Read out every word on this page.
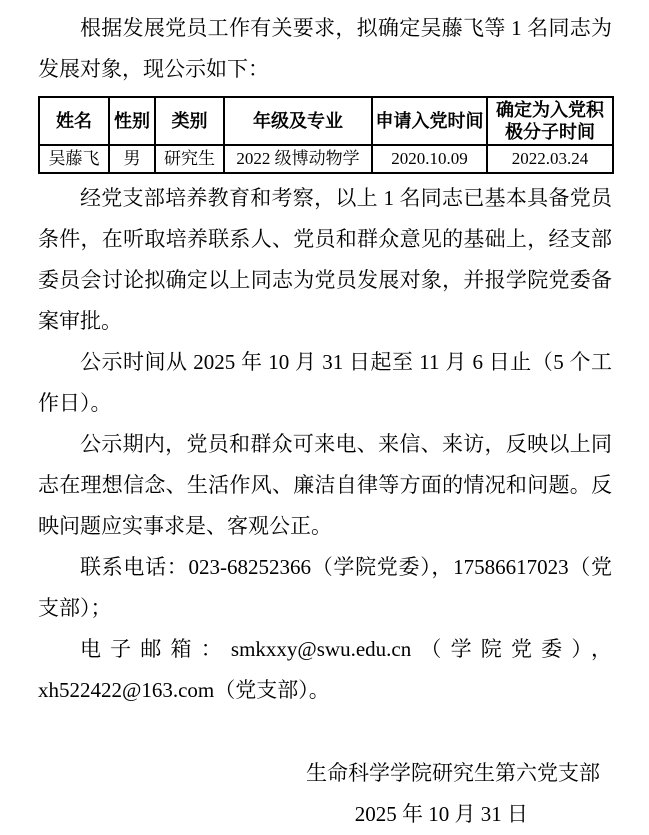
根据发展党员工作有关要求，拟确定吴藤飞等 1 名同志为发展对象，现公示如下：

姓名	性别	类别	年级及专业	申请入党时间	确定为入党积极分子时间
吴藤飞	男	研究生	2022 级博动物学	2020.10.09	2022.03.24

经党支部培养教育和考察，以上 1 名同志已基本具备党员条件，在听取培养联系人、党员和群众意见的基础上，经支部委员会讨论拟确定以上同志为党员发展对象，并报学院党委备案审批。

公示时间从 2025 年 10 月 31 日起至 11 月 6 日止（5 个工作日）。

公示期内，党员和群众可来电、来信、来访，反映以上同志在理想信念、生活作风、廉洁自律等方面的情况和问题。反映问题应实事求是、客观公正。

联系电话：023-68252366（学院党委），17586617023（党支部）；

电子邮箱：smkxxy@swu.edu.cn（学院党委），xh522422@163.com（党支部）。

生命科学学院研究生第六党支部

2025 年 10 月 31 日
